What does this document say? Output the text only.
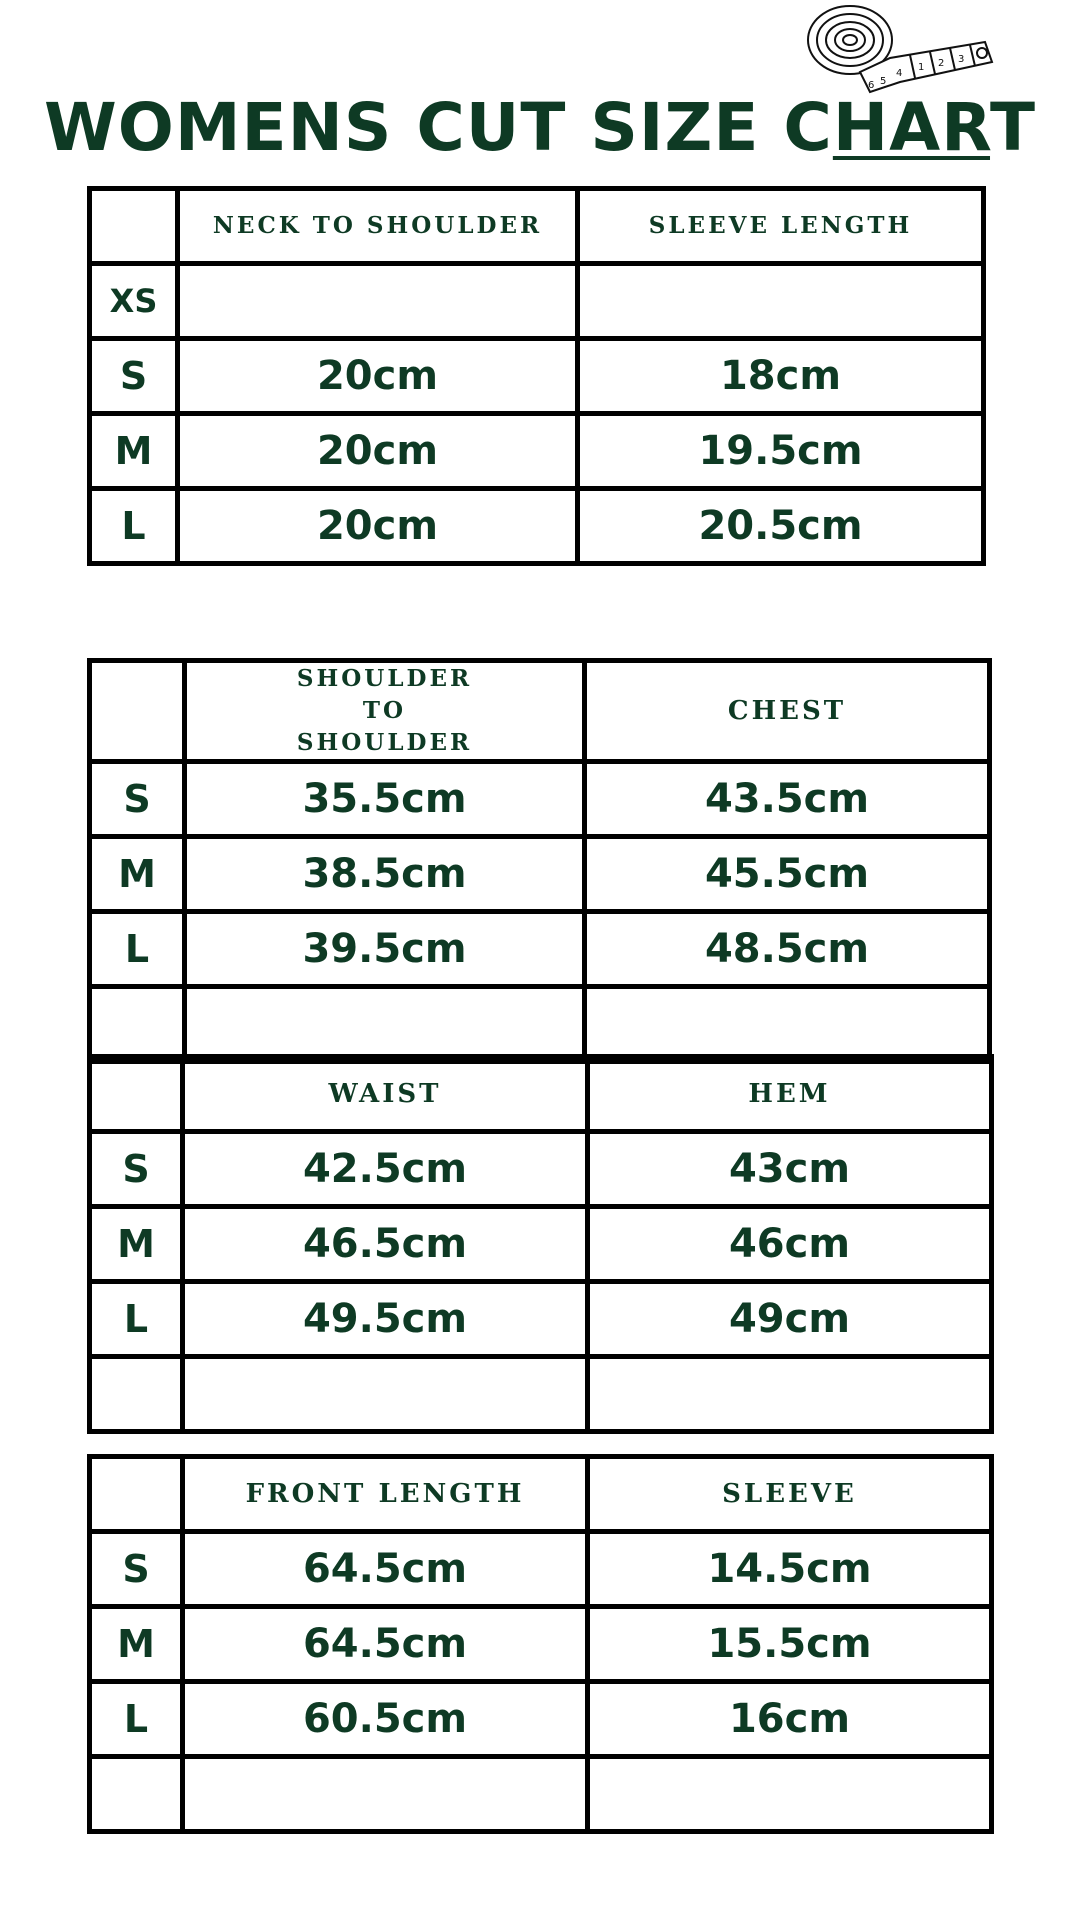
1 2 3
4
5
6
WOMENS CUT SIZE CHART
	NECK TO SHOULDER	SLEEVE LENGTH
XS		
S	20cm	18cm
M	20cm	19.5cm
L	20cm	20.5cm
	SHOULDER TO SHOULDER	CHEST
S	35.5cm	43.5cm
M	38.5cm	45.5cm
L	39.5cm	48.5cm

	WAIST	HEM
S	42.5cm	43cm
M	46.5cm	46cm
L	49.5cm	49cm

	FRONT LENGTH	SLEEVE
S	64.5cm	14.5cm
M	64.5cm	15.5cm
L	60.5cm	16cm
